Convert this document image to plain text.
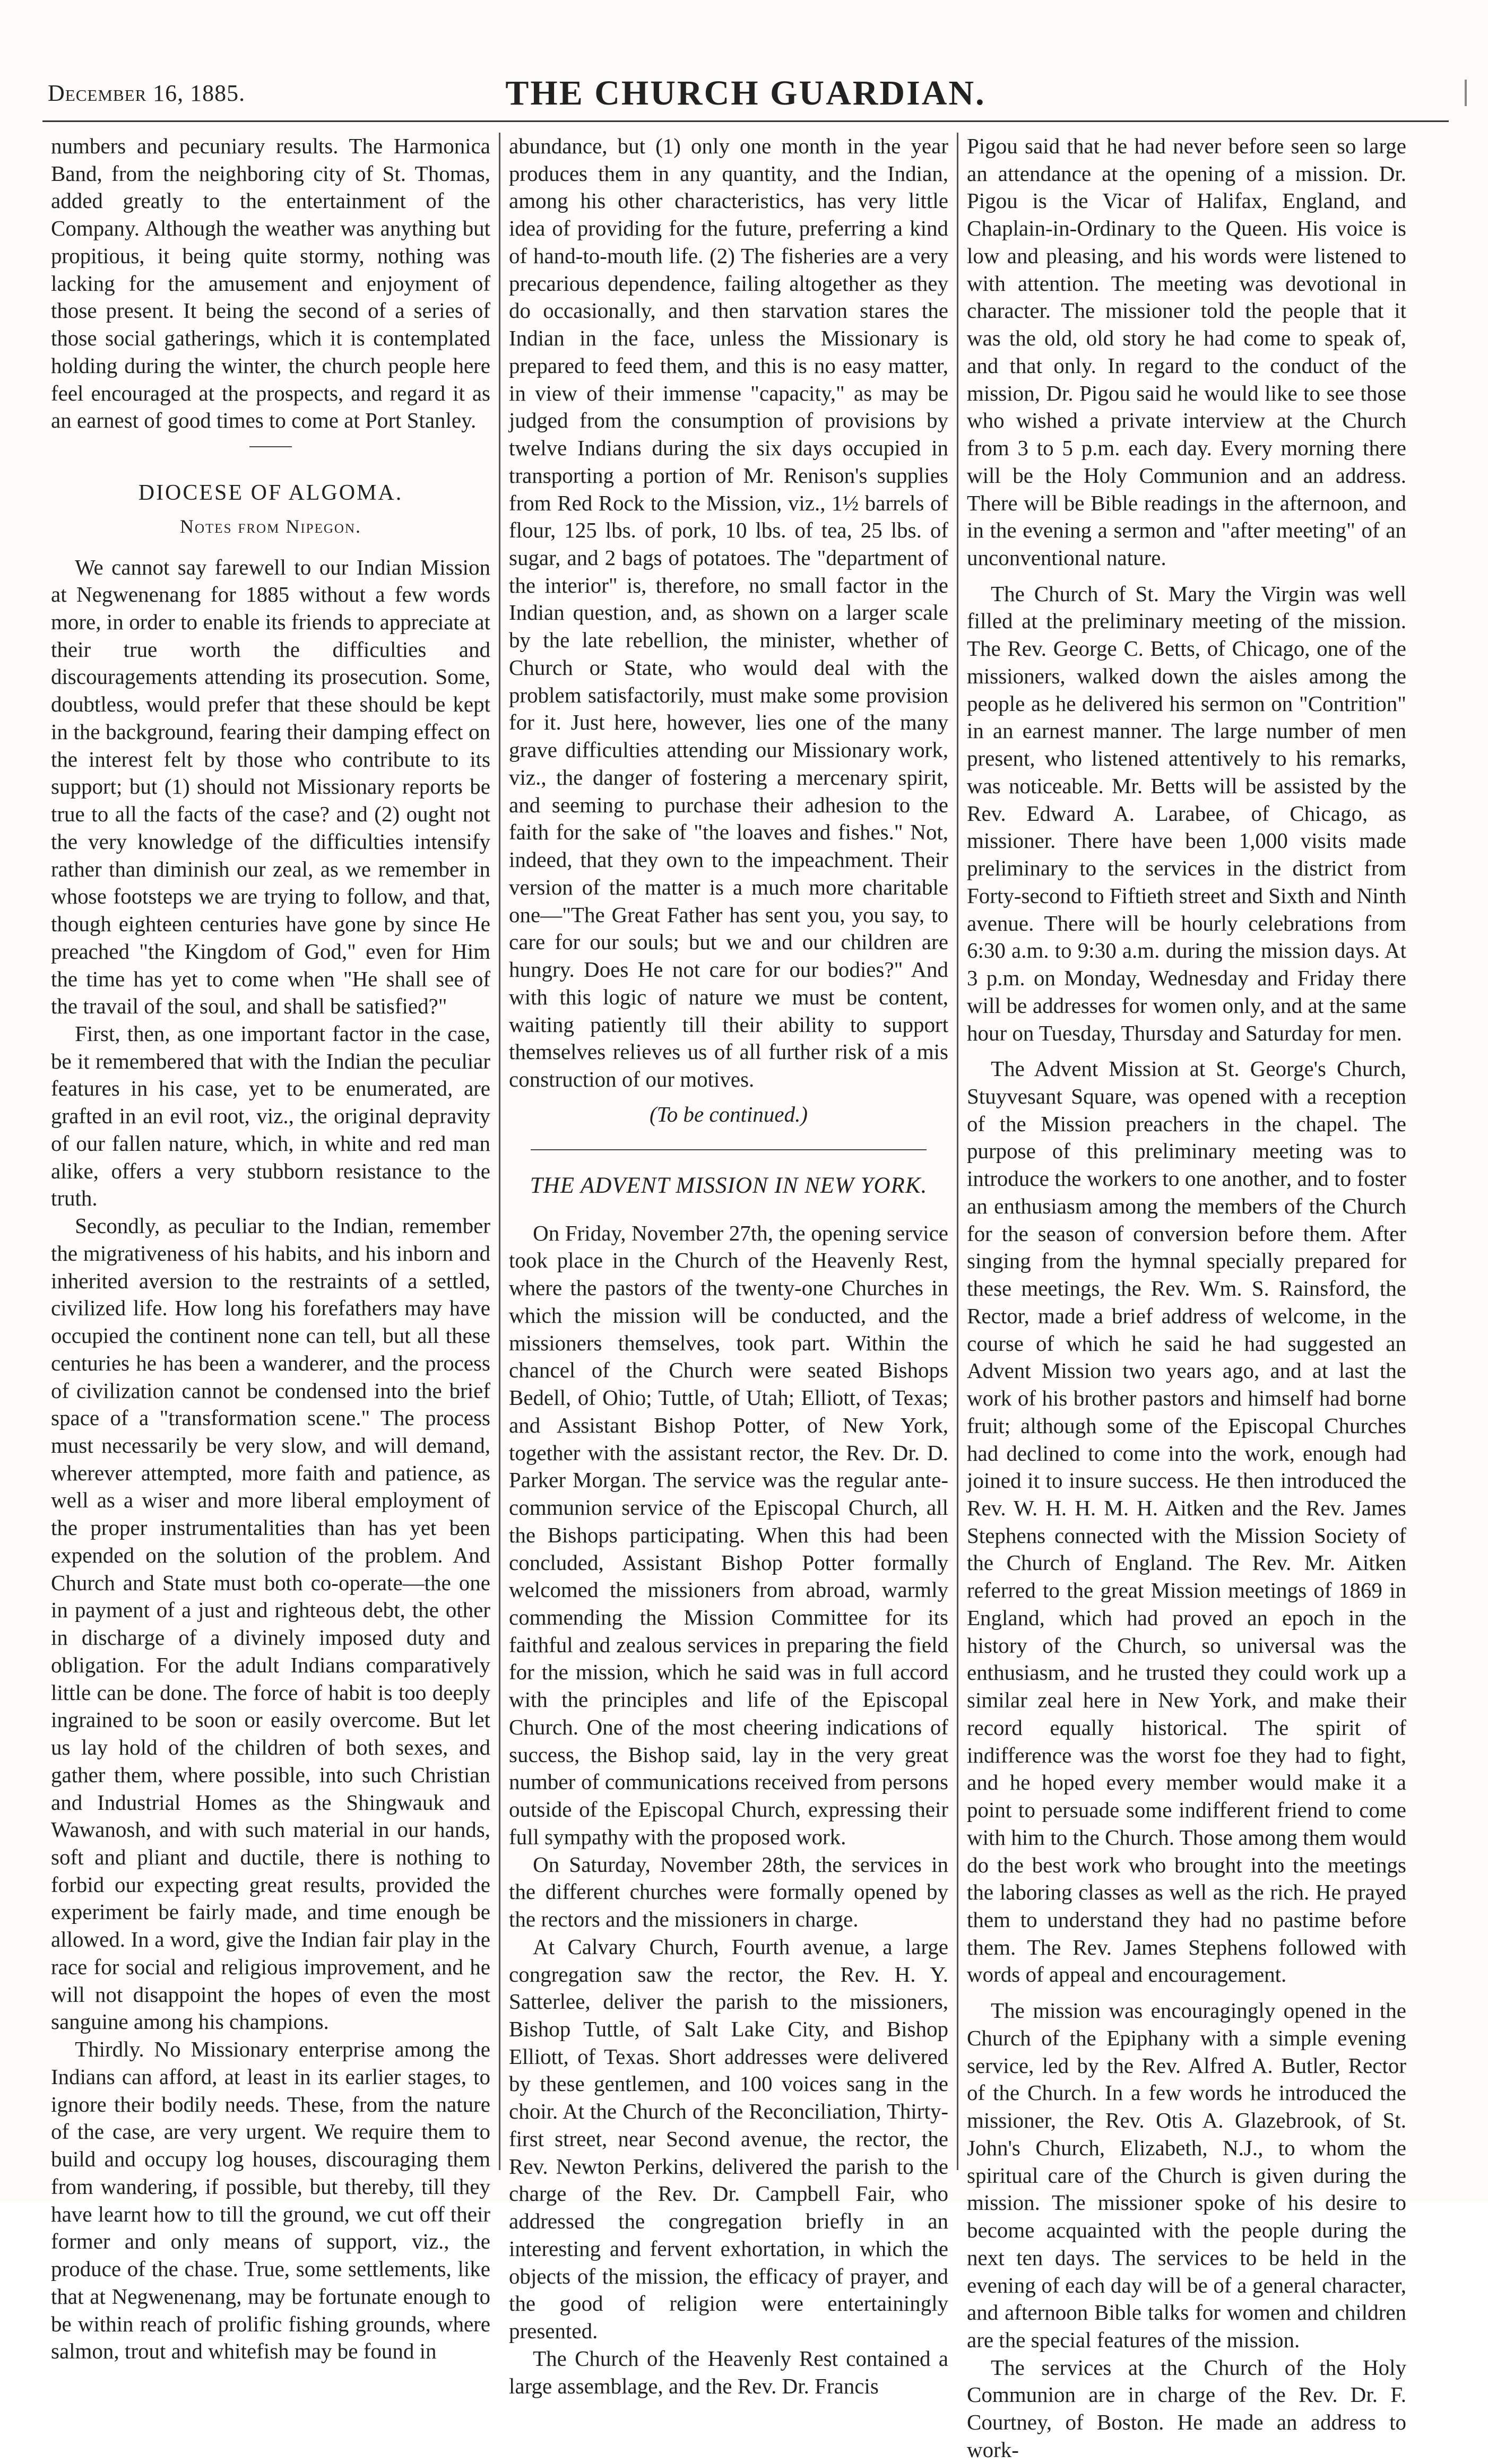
December 16, 1885.	THE CHURCH GUARDIAN.

numbers and pecuniary results. The Harmonica Band, from the neighboring city of St. Thomas, added greatly to the entertainment of the Company. Although the weather was anything but propitious, it being quite stormy, nothing was lacking for the amusement and enjoyment of those present. It being the second of a series of those social gatherings, which it is contemplated holding during the winter, the church people here feel encouraged at the prospects, and regard it as an earnest of good times to come at Port Stanley.

DIOCESE OF ALGOMA.
Notes from Nipegon.

We cannot say farewell to our Indian Mission at Negwenenang for 1885 without a few words more, in order to enable its friends to appreciate at their true worth the difficulties and discouragements attending its prosecution. Some, doubtless, would prefer that these should be kept in the background, fearing their damping effect on the interest felt by those who contribute to its support; but (1) should not Missionary reports be true to all the facts of the case? and (2) ought not the very knowledge of the difficulties intensify rather than diminish our zeal, as we remember in whose footsteps we are trying to follow, and that, though eighteen centuries have gone by since He preached "the Kingdom of God," even for Him the time has yet to come when "He shall see of the travail of the soul, and shall be satisfied?"

First, then, as one important factor in the case, be it remembered that with the Indian the peculiar features in his case, yet to be enumerated, are grafted in an evil root, viz., the original depravity of our fallen nature, which, in white and red man alike, offers a very stubborn resistance to the truth.

Secondly, as peculiar to the Indian, remember the migrativeness of his habits, and his inborn and inherited aversion to the restraints of a settled, civilized life. How long his forefathers may have occupied the continent none can tell, but all these centuries he has been a wanderer, and the process of civilization cannot be condensed into the brief space of a "transformation scene." The process must necessarily be very slow, and will demand, wherever attempted, more faith and patience, as well as a wiser and more liberal employment of the proper instrumentalities than has yet been expended on the solution of the problem. And Church and State must both co-operate—the one in payment of a just and righteous debt, the other in discharge of a divinely imposed duty and obligation. For the adult Indians comparatively little can be done. The force of habit is too deeply ingrained to be soon or easily overcome. But let us lay hold of the children of both sexes, and gather them, where possible, into such Christian and Industrial Homes as the Shingwauk and Wawanosh, and with such material in our hands, soft and pliant and ductile, there is nothing to forbid our expecting great results, provided the experiment be fairly made, and time enough be allowed. In a word, give the Indian fair play in the race for social and religious improvement, and he will not disappoint the hopes of even the most sanguine among his champions.

Thirdly. No Missionary enterprise among the Indians can afford, at least in its earlier stages, to ignore their bodily needs. These, from the nature of the case, are very urgent. We require them to build and occupy log houses, discouraging them from wandering, if possible, but thereby, till they have learnt how to till the ground, we cut off their former and only means of support, viz., the produce of the chase. True, some settlements, like that at Negwenenang, may be fortunate enough to be within reach of prolific fishing grounds, where salmon, trout and whitefish may be found in

abundance, but (1) only one month in the year produces them in any quantity, and the Indian, among his other characteristics, has very little idea of providing for the future, preferring a kind of hand-to-mouth life. (2) The fisheries are a very precarious dependence, failing altogether as they do occasionally, and then starvation stares the Indian in the face, unless the Missionary is prepared to feed them, and this is no easy matter, in view of their immense "capacity," as may be judged from the consumption of provisions by twelve Indians during the six days occupied in transporting a portion of Mr. Renison's supplies from Red Rock to the Mission, viz., 1½ barrels of flour, 125 lbs. of pork, 10 lbs. of tea, 25 lbs. of sugar, and 2 bags of potatoes. The "department of the interior" is, therefore, no small factor in the Indian question, and, as shown on a larger scale by the late rebellion, the minister, whether of Church or State, who would deal with the problem satisfactorily, must make some provision for it. Just here, however, lies one of the many grave difficulties attending our Missionary work, viz., the danger of fostering a mercenary spirit, and seeming to purchase their adhesion to the faith for the sake of "the loaves and fishes." Not, indeed, that they own to the impeachment. Their version of the matter is a much more charitable one—"The Great Father has sent you, you say, to care for our souls; but we and our children are hungry. Does He not care for our bodies?" And with this logic of nature we must be content, waiting patiently till their ability to support themselves relieves us of all further risk of a mis construction of our motives.

(To be continued.)
THE ADVENT MISSION IN NEW YORK.

On Friday, November 27th, the opening service took place in the Church of the Heavenly Rest, where the pastors of the twenty-one Churches in which the mission will be conducted, and the missioners themselves, took part. Within the chancel of the Church were seated Bishops Bedell, of Ohio; Tuttle, of Utah; Elliott, of Texas; and Assistant Bishop Potter, of New York, together with the assistant rector, the Rev. Dr. D. Parker Morgan. The service was the regular ante-communion service of the Episcopal Church, all the Bishops participating. When this had been concluded, Assistant Bishop Potter formally welcomed the missioners from abroad, warmly commending the Mission Committee for its faithful and zealous services in preparing the field for the mission, which he said was in full accord with the principles and life of the Episcopal Church. One of the most cheering indications of success, the Bishop said, lay in the very great number of communications received from persons outside of the Episcopal Church, expressing their full sympathy with the proposed work.

On Saturday, November 28th, the services in the different churches were formally opened by the rectors and the missioners in charge.

At Calvary Church, Fourth avenue, a large congregation saw the rector, the Rev. H. Y. Satterlee, deliver the parish to the missioners, Bishop Tuttle, of Salt Lake City, and Bishop Elliott, of Texas. Short addresses were delivered by these gentlemen, and 100 voices sang in the choir. At the Church of the Reconciliation, Thirty-first street, near Second avenue, the rector, the Rev. Newton Perkins, delivered the parish to the charge of the Rev. Dr. Campbell Fair, who addressed the congregation briefly in an interesting and fervent exhortation, in which the objects of the mission, the efficacy of prayer, and the good of religion were entertainingly presented.

The Church of the Heavenly Rest contained a large assemblage, and the Rev. Dr. Francis

Pigou said that he had never before seen so large an attendance at the opening of a mission. Dr. Pigou is the Vicar of Halifax, England, and Chaplain-in-Ordinary to the Queen. His voice is low and pleasing, and his words were listened to with attention. The meeting was devotional in character. The missioner told the people that it was the old, old story he had come to speak of, and that only. In regard to the conduct of the mission, Dr. Pigou said he would like to see those who wished a private interview at the Church from 3 to 5 p.m. each day. Every morning there will be the Holy Communion and an address. There will be Bible readings in the afternoon, and in the evening a sermon and "after meeting" of an unconventional nature.

The Church of St. Mary the Virgin was well filled at the preliminary meeting of the mission. The Rev. George C. Betts, of Chicago, one of the missioners, walked down the aisles among the people as he delivered his sermon on "Contrition" in an earnest manner. The large number of men present, who listened attentively to his remarks, was noticeable. Mr. Betts will be assisted by the Rev. Edward A. Larabee, of Chicago, as missioner. There have been 1,000 visits made preliminary to the services in the district from Forty-second to Fiftieth street and Sixth and Ninth avenue. There will be hourly celebrations from 6:30 a.m. to 9:30 a.m. during the mission days. At 3 p.m. on Monday, Wednesday and Friday there will be addresses for women only, and at the same hour on Tuesday, Thursday and Saturday for men.

The Advent Mission at St. George's Church, Stuyvesant Square, was opened with a reception of the Mission preachers in the chapel. The purpose of this preliminary meeting was to introduce the workers to one another, and to foster an enthusiasm among the members of the Church for the season of conversion before them. After singing from the hymnal specially prepared for these meetings, the Rev. Wm. S. Rainsford, the Rector, made a brief address of welcome, in the course of which he said he had suggested an Advent Mission two years ago, and at last the work of his brother pastors and himself had borne fruit; although some of the Episcopal Churches had declined to come into the work, enough had joined it to insure success. He then introduced the Rev. W. H. H. M. H. Aitken and the Rev. James Stephens connected with the Mission Society of the Church of England. The Rev. Mr. Aitken referred to the great Mission meetings of 1869 in England, which had proved an epoch in the history of the Church, so universal was the enthusiasm, and he trusted they could work up a similar zeal here in New York, and make their record equally historical. The spirit of indifference was the worst foe they had to fight, and he hoped every member would make it a point to persuade some indifferent friend to come with him to the Church. Those among them would do the best work who brought into the meetings the laboring classes as well as the rich. He prayed them to understand they had no pastime before them. The Rev. James Stephens followed with words of appeal and encouragement.

The mission was encouragingly opened in the Church of the Epiphany with a simple evening service, led by the Rev. Alfred A. Butler, Rector of the Church. In a few words he introduced the missioner, the Rev. Otis A. Glazebrook, of St. John's Church, Elizabeth, N.J., to whom the spiritual care of the Church is given during the mission. The missioner spoke of his desire to become acquainted with the people during the next ten days. The services to be held in the evening of each day will be of a general character, and afternoon Bible talks for women and children are the special features of the mission.

The services at the Church of the Holy Communion are in charge of the Rev. Dr. F. Courtney, of Boston. He made an address to work-
